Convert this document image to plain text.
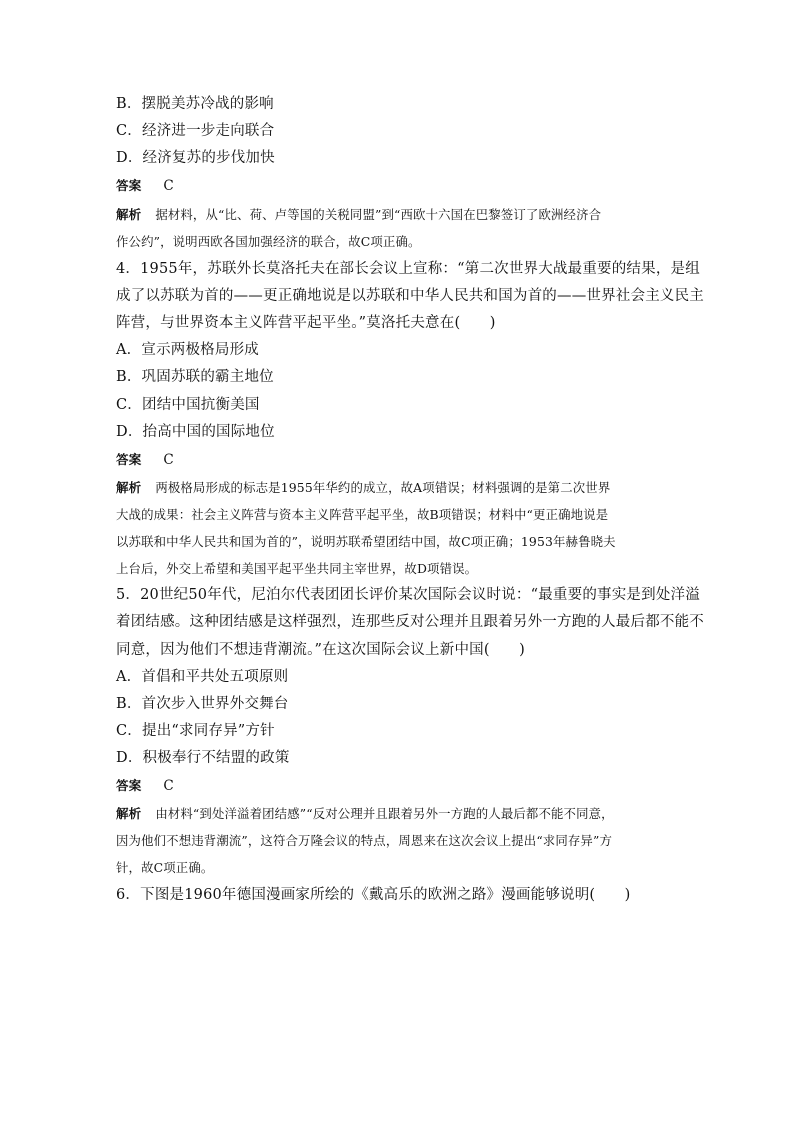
B．摆脱美苏冷战的影响
C．经济进一步走向联合
D．经济复苏的步伐加快
答案 C
解析 据材料，从“比、荷、卢等国的关税同盟”到“西欧十六国在巴黎签订了欧洲经济合
作公约”，说明西欧各国加强经济的联合，故C项正确。
4．1955年，苏联外长莫洛托夫在部长会议上宣称：“第二次世界大战最重要的结果，是组
成了以苏联为首的——更正确地说是以苏联和中华人民共和国为首的——世界社会主义民主
阵营，与世界资本主义阵营平起平坐。”莫洛托夫意在(　　)
A．宣示两极格局形成
B．巩固苏联的霸主地位
C．团结中国抗衡美国
D．抬高中国的国际地位
答案 C
解析 两极格局形成的标志是1955年华约的成立，故A项错误；材料强调的是第二次世界
大战的成果：社会主义阵营与资本主义阵营平起平坐，故B项错误；材料中“更正确地说是
以苏联和中华人民共和国为首的”，说明苏联希望团结中国，故C项正确；1953年赫鲁晓夫
上台后，外交上希望和美国平起平坐共同主宰世界，故D项错误。
5．20世纪50年代，尼泊尔代表团团长评价某次国际会议时说：“最重要的事实是到处洋溢
着团结感。这种团结感是这样强烈，连那些反对公理并且跟着另外一方跑的人最后都不能不
同意，因为他们不想违背潮流。”在这次国际会议上新中国(　　)
A．首倡和平共处五项原则
B．首次步入世界外交舞台
C．提出“求同存异”方针
D．积极奉行不结盟的政策
答案 C
解析 由材料“到处洋溢着团结感”“反对公理并且跟着另外一方跑的人最后都不能不同意，
因为他们不想违背潮流”，这符合万隆会议的特点，周恩来在这次会议上提出“求同存异”方
针，故C项正确。
6．下图是1960年德国漫画家所绘的《戴高乐的欧洲之路》漫画能够说明(　　)
